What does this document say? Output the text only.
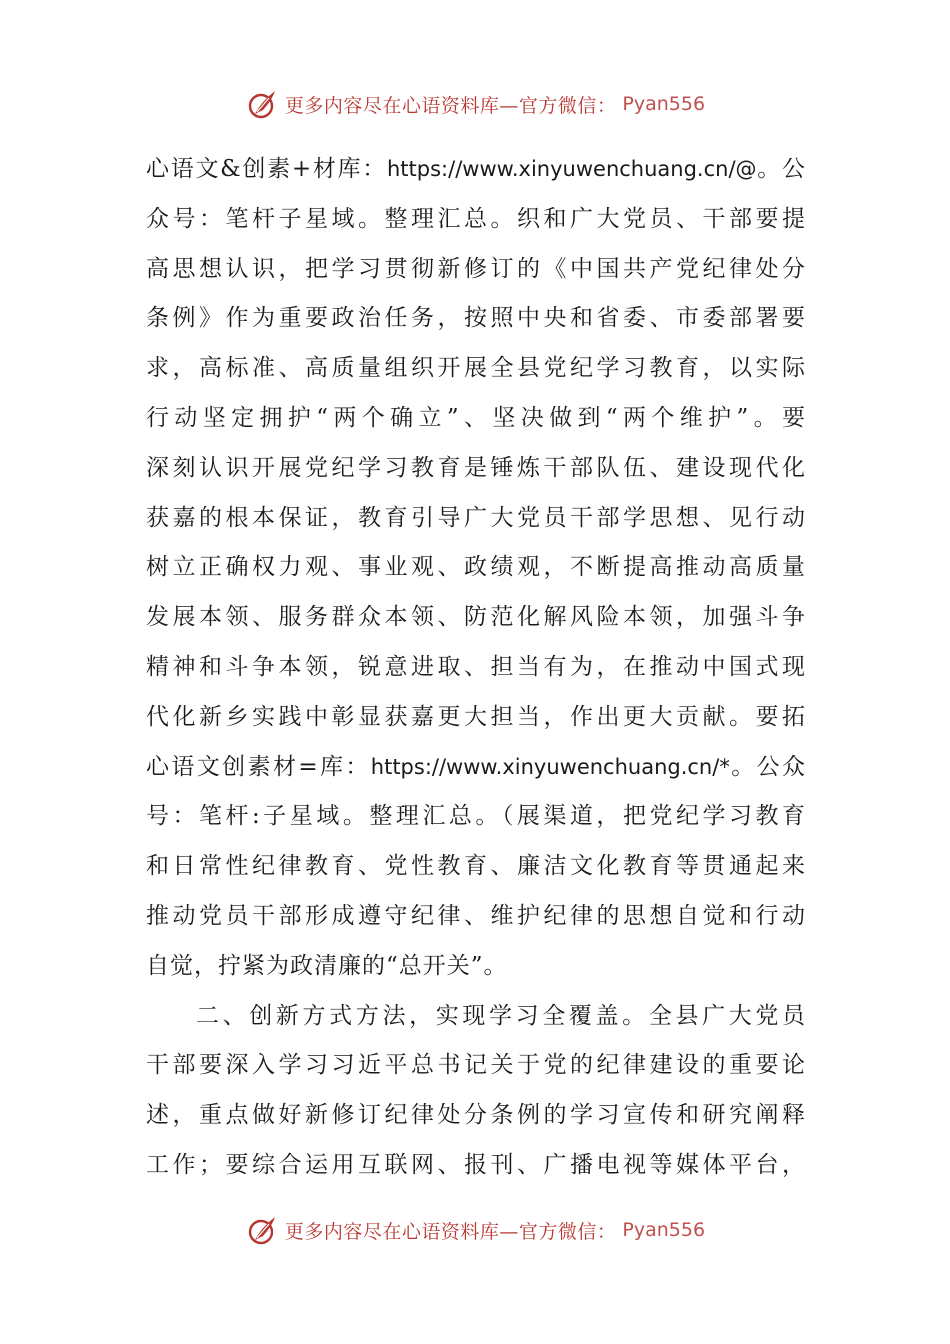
更多内容尽在心语资料库—官方微信： Pyan556
心语文&创素+材库：https://www.xinyuwenchuang.cn/@。公
众号：笔杆子星域。整理汇总。织和广大党员、干部要提
高思想认识，把学习贯彻新修订的《中国共产党纪律处分
条例》作为重要政治任务，按照中央和省委、市委部署要
求，高标准、高质量组织开展全县党纪学习教育，以实际
行动坚定拥护“两个确立”、坚决做到“两个维护”。要
深刻认识开展党纪学习教育是锤炼干部队伍、建设现代化
获嘉的根本保证，教育引导广大党员干部学思想、见行动
树立正确权力观、事业观、政绩观，不断提高推动高质量
发展本领、服务群众本领、防范化解风险本领，加强斗争
精神和斗争本领，锐意进取、担当有为，在推动中国式现
代化新乡实践中彰显获嘉更大担当，作出更大贡献。要拓
心语文创素材=库：https://www.xinyuwenchuang.cn/*。公众
号：笔杆:子星域。整理汇总。（展渠道，把党纪学习教育
和日常性纪律教育、党性教育、廉洁文化教育等贯通起来
推动党员干部形成遵守纪律、维护纪律的思想自觉和行动
自觉，拧紧为政清廉的“总开关”。
二、创新方式方法，实现学习全覆盖。全县广大党员
干部要深入学习习近平总书记关于党的纪律建设的重要论
述，重点做好新修订纪律处分条例的学习宣传和研究阐释
工作；要综合运用互联网、报刊、广播电视等媒体平台，
更多内容尽在心语资料库—官方微信： Pyan556
